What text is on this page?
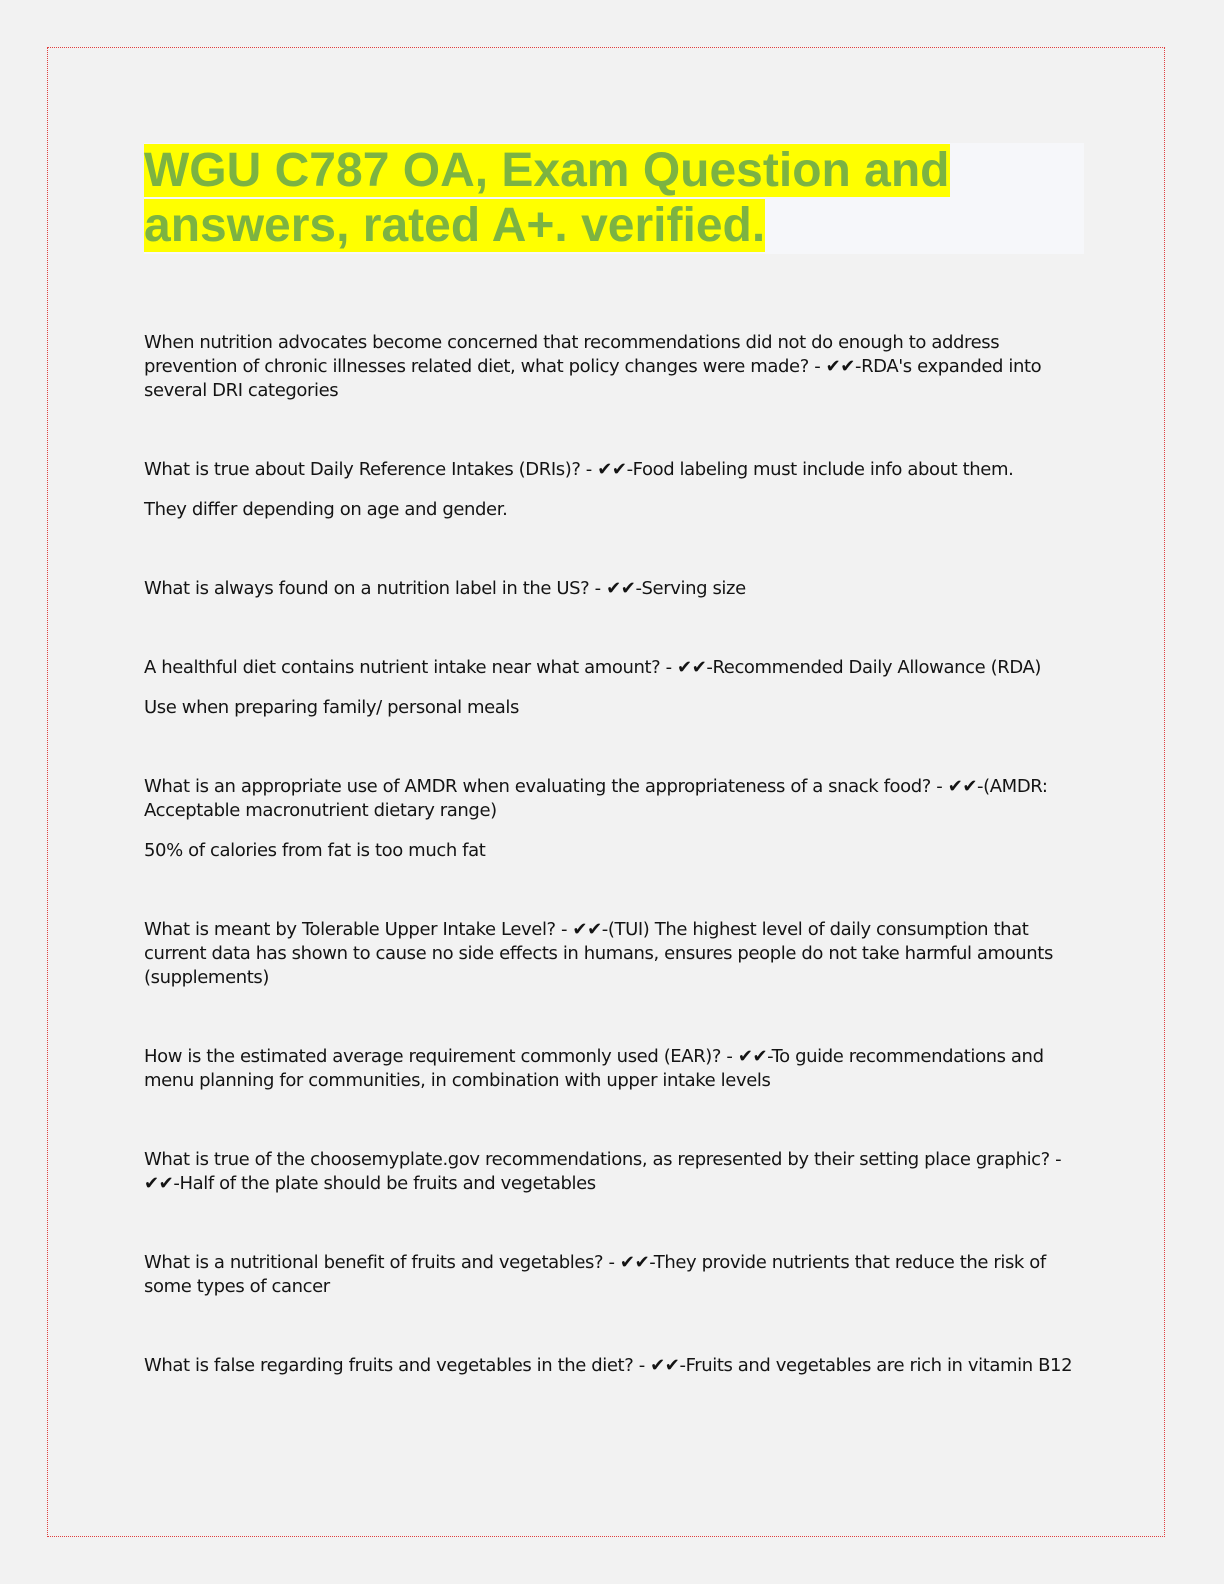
WGU C787 OA, Exam Question and answers, rated A+. verified.

When nutrition advocates become concerned that recommendations did not do enough to address prevention of chronic illnesses related diet, what policy changes were made? - ✔✔-RDA's expanded into several DRI categories

What is true about Daily Reference Intakes (DRIs)? - ✔✔-Food labeling must include info about them.

They differ depending on age and gender.

What is always found on a nutrition label in the US? - ✔✔-Serving size

A healthful diet contains nutrient intake near what amount? - ✔✔-Recommended Daily Allowance (RDA)

Use when preparing family/ personal meals

What is an appropriate use of AMDR when evaluating the appropriateness of a snack food? - ✔✔-(AMDR: Acceptable macronutrient dietary range)

50% of calories from fat is too much fat

What is meant by Tolerable Upper Intake Level? - ✔✔-(TUI) The highest level of daily consumption that current data has shown to cause no side effects in humans, ensures people do not take harmful amounts (supplements)

How is the estimated average requirement commonly used (EAR)? - ✔✔-To guide recommendations and menu planning for communities, in combination with upper intake levels

What is true of the choosemyplate.gov recommendations, as represented by their setting place graphic? - ✔✔-Half of the plate should be fruits and vegetables

What is a nutritional benefit of fruits and vegetables? - ✔✔-They provide nutrients that reduce the risk of some types of cancer

What is false regarding fruits and vegetables in the diet? - ✔✔-Fruits and vegetables are rich in vitamin B12
